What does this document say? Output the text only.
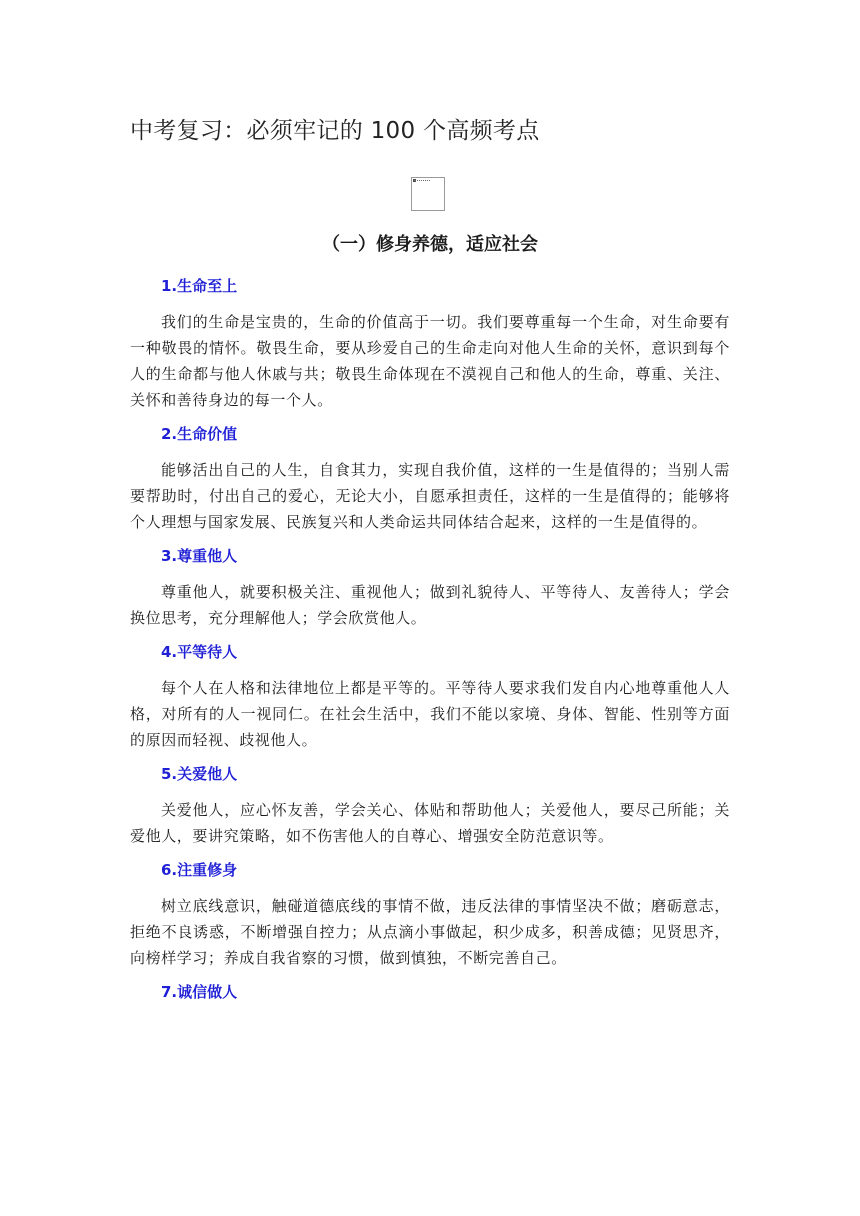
中考复习：必须牢记的 100 个高频考点
（一）修身养德，适应社会
1.生命至上

我们的生命是宝贵的，生命的价值高于一切。我们要尊重每一个生命，对生命要有一种敬畏的情怀。敬畏生命，要从珍爱自己的生命走向对他人生命的关怀，意识到每个人的生命都与他人休戚与共；敬畏生命体现在不漠视自己和他人的生命，尊重、关注、关怀和善待身边的每一个人。

2.生命价值

能够活出自己的人生，自食其力，实现自我价值，这样的一生是值得的；当别人需要帮助时，付出自己的爱心，无论大小，自愿承担责任，这样的一生是值得的；能够将个人理想与国家发展、民族复兴和人类命运共同体结合起来，这样的一生是值得的。

3.尊重他人

尊重他人，就要积极关注、重视他人；做到礼貌待人、平等待人、友善待人；学会换位思考，充分理解他人；学会欣赏他人。

4.平等待人

每个人在人格和法律地位上都是平等的。平等待人要求我们发自内心地尊重他人人格，对所有的人一视同仁。在社会生活中，我们不能以家境、身体、智能、性别等方面的原因而轻视、歧视他人。

5.关爱他人

关爱他人，应心怀友善，学会关心、体贴和帮助他人；关爱他人，要尽己所能；关爱他人，要讲究策略，如不伤害他人的自尊心、增强安全防范意识等。

6.注重修身

树立底线意识，触碰道德底线的事情不做，违反法律的事情坚决不做；磨砺意志，拒绝不良诱惑，不断增强自控力；从点滴小事做起，积少成多，积善成德；见贤思齐，向榜样学习；养成自我省察的习惯，做到慎独，不断完善自己。

7.诚信做人
